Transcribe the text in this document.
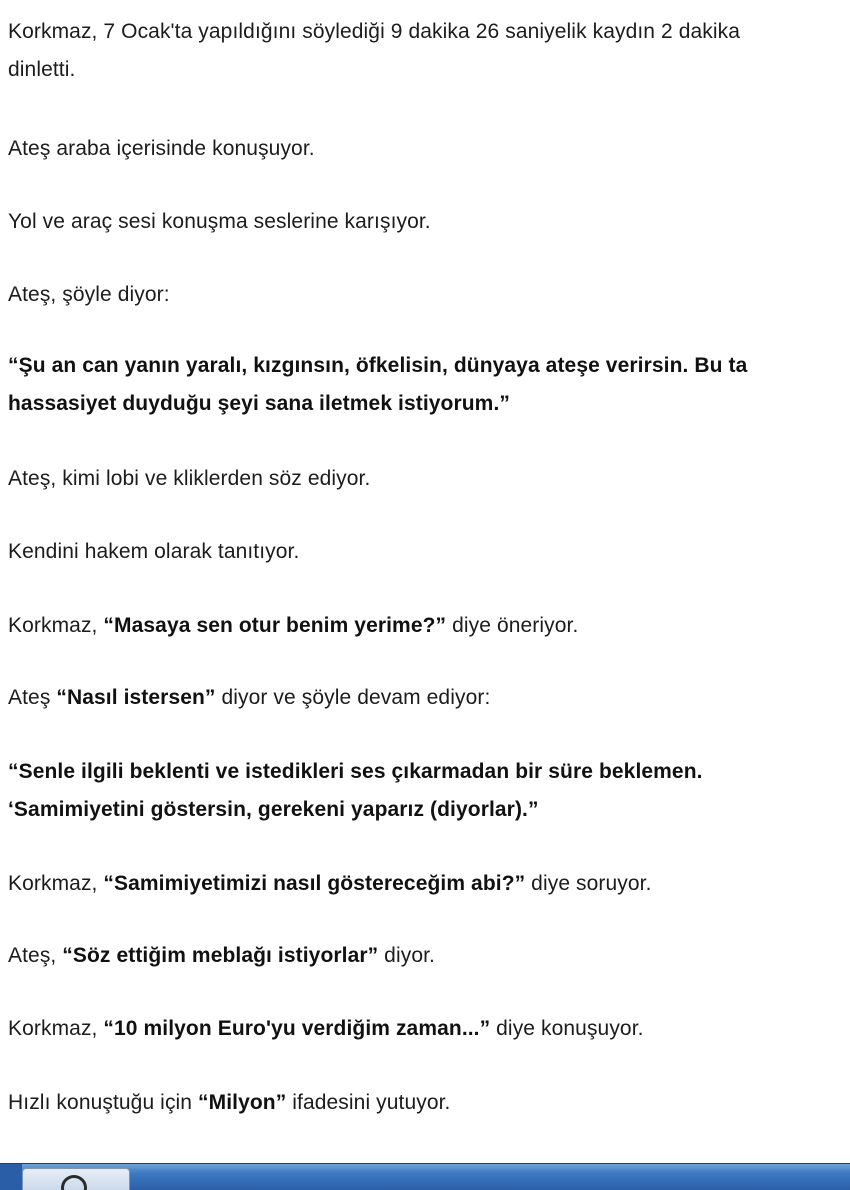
Korkmaz, 7 Ocak'ta yapıldığını söylediği 9 dakika 26 saniyelik kaydın 2 dakika
dinletti.

Ateş araba içerisinde konuşuyor.

Yol ve araç sesi konuşma seslerine karışıyor.

Ateş, şöyle diyor:

“Şu an can yanın yaralı, kızgınsın, öfkelisin, dünyaya ateşe verirsin. Bu ta
hassasiyet duyduğu şeyi sana iletmek istiyorum.”

Ateş, kimi lobi ve kliklerden söz ediyor.

Kendini hakem olarak tanıtıyor.

Korkmaz, “Masaya sen otur benim yerime?” diye öneriyor.

Ateş “Nasıl istersen” diyor ve şöyle devam ediyor:

“Senle ilgili beklenti ve istedikleri ses çıkarmadan bir süre beklemen.
‘Samimiyetini göstersin, gerekeni yaparız (diyorlar).”

Korkmaz, “Samimiyetimizi nasıl göstereceğim abi?” diye soruyor.

Ateş, “Söz ettiğim meblağı istiyorlar” diyor.

Korkmaz, “10 milyon Euro'yu verdiğim zaman...” diye konuşuyor.

Hızlı konuştuğu için “Milyon” ifadesini yutuyor.
